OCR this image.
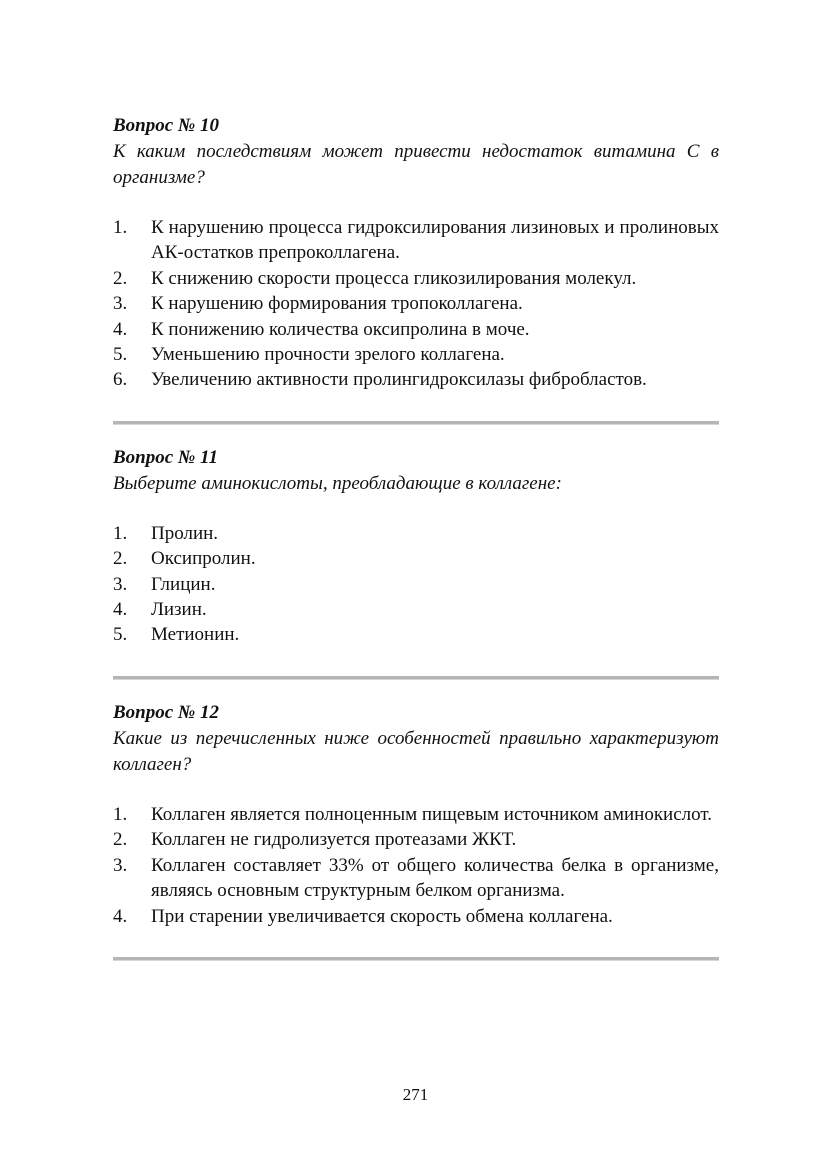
Вопрос № 10

К каким последствиям может привести недостаток витамина С в организме?

1. К нарушению процесса гидроксилирования лизиновых и пролиновых АК-остатков препроколлагена.
2. К снижению скорости процесса гликозилирования молекул.
3. К нарушению формирования тропоколлагена.
4. К понижению количества оксипролина в моче.
5. Уменьшению прочности зрелого коллагена.
6. Увеличению активности пролингидроксилазы фибробластов.

Вопрос № 11

Выберите аминокислоты, преобладающие в коллагене:

1. Пролин.
2. Оксипролин.
3. Глицин.
4. Лизин.
5. Метионин.

Вопрос № 12

Какие из перечисленных ниже особенностей правильно характеризуют коллаген?

1. Коллаген является полноценным пищевым источником аминокислот.
2. Коллаген не гидролизуется протеазами ЖКТ.
3. Коллаген составляет 33% от общего количества белка в организме, являясь основным структурным белком организма.
4. При старении увеличивается скорость обмена коллагена.
271
